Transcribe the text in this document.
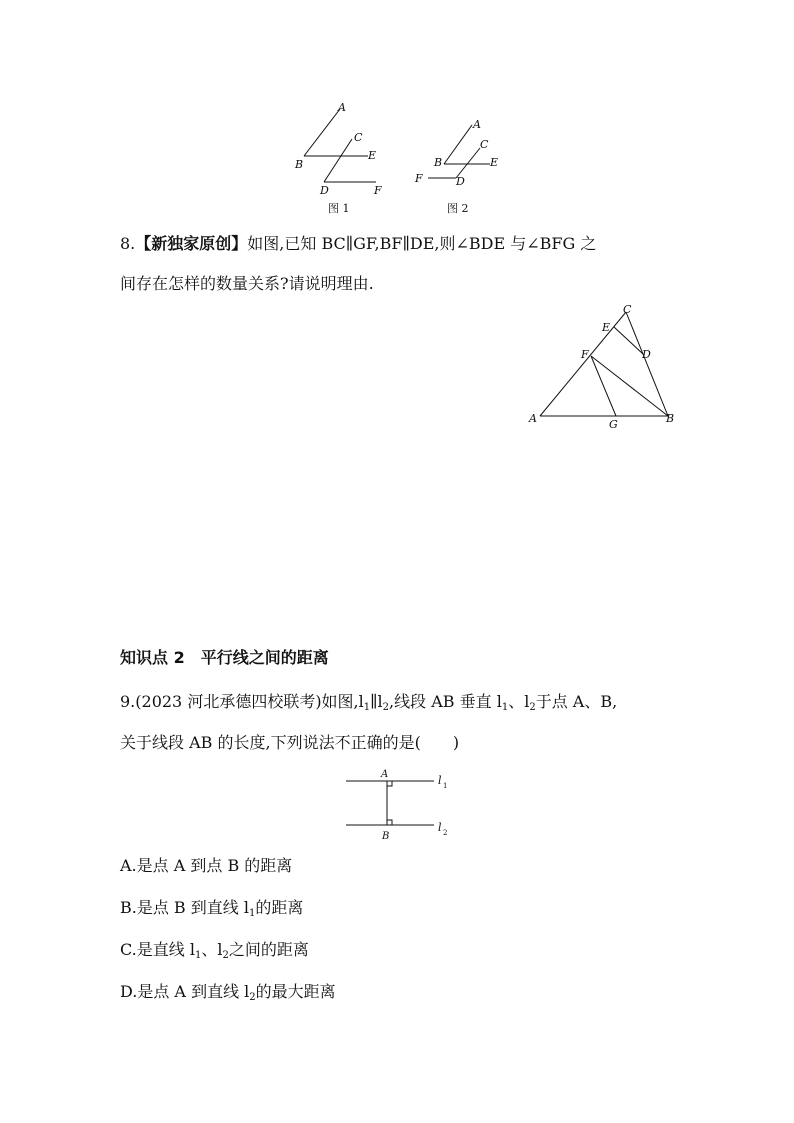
A
B
C
E
D	F
图 1
A
B
C
E
F	D
图 2
8.【新独家原创】如图,已知 BC∥GF,BF∥DE,则∠BDE 与∠BFG 之
间存在怎样的数量关系?请说明理由.
A	B
C
D
E
F
G
知识点 2　平行线之间的距离
9.(2023 河北承德四校联考)如图$,l_1\parallel l_2$,线段 AB 垂直 $l_1$、$l_2$于点 A、B,
关于线段 AB 的长度,下列说法不正确的是(　　)
A
B
l 1
l 2
A.是点 A 到点 B 的距离
B.是点 B 到直线 $l_1$的距离
C.是直线 $l_1$、$l_2$之间的距离
D.是点 A 到直线 $l_2$的最大距离
